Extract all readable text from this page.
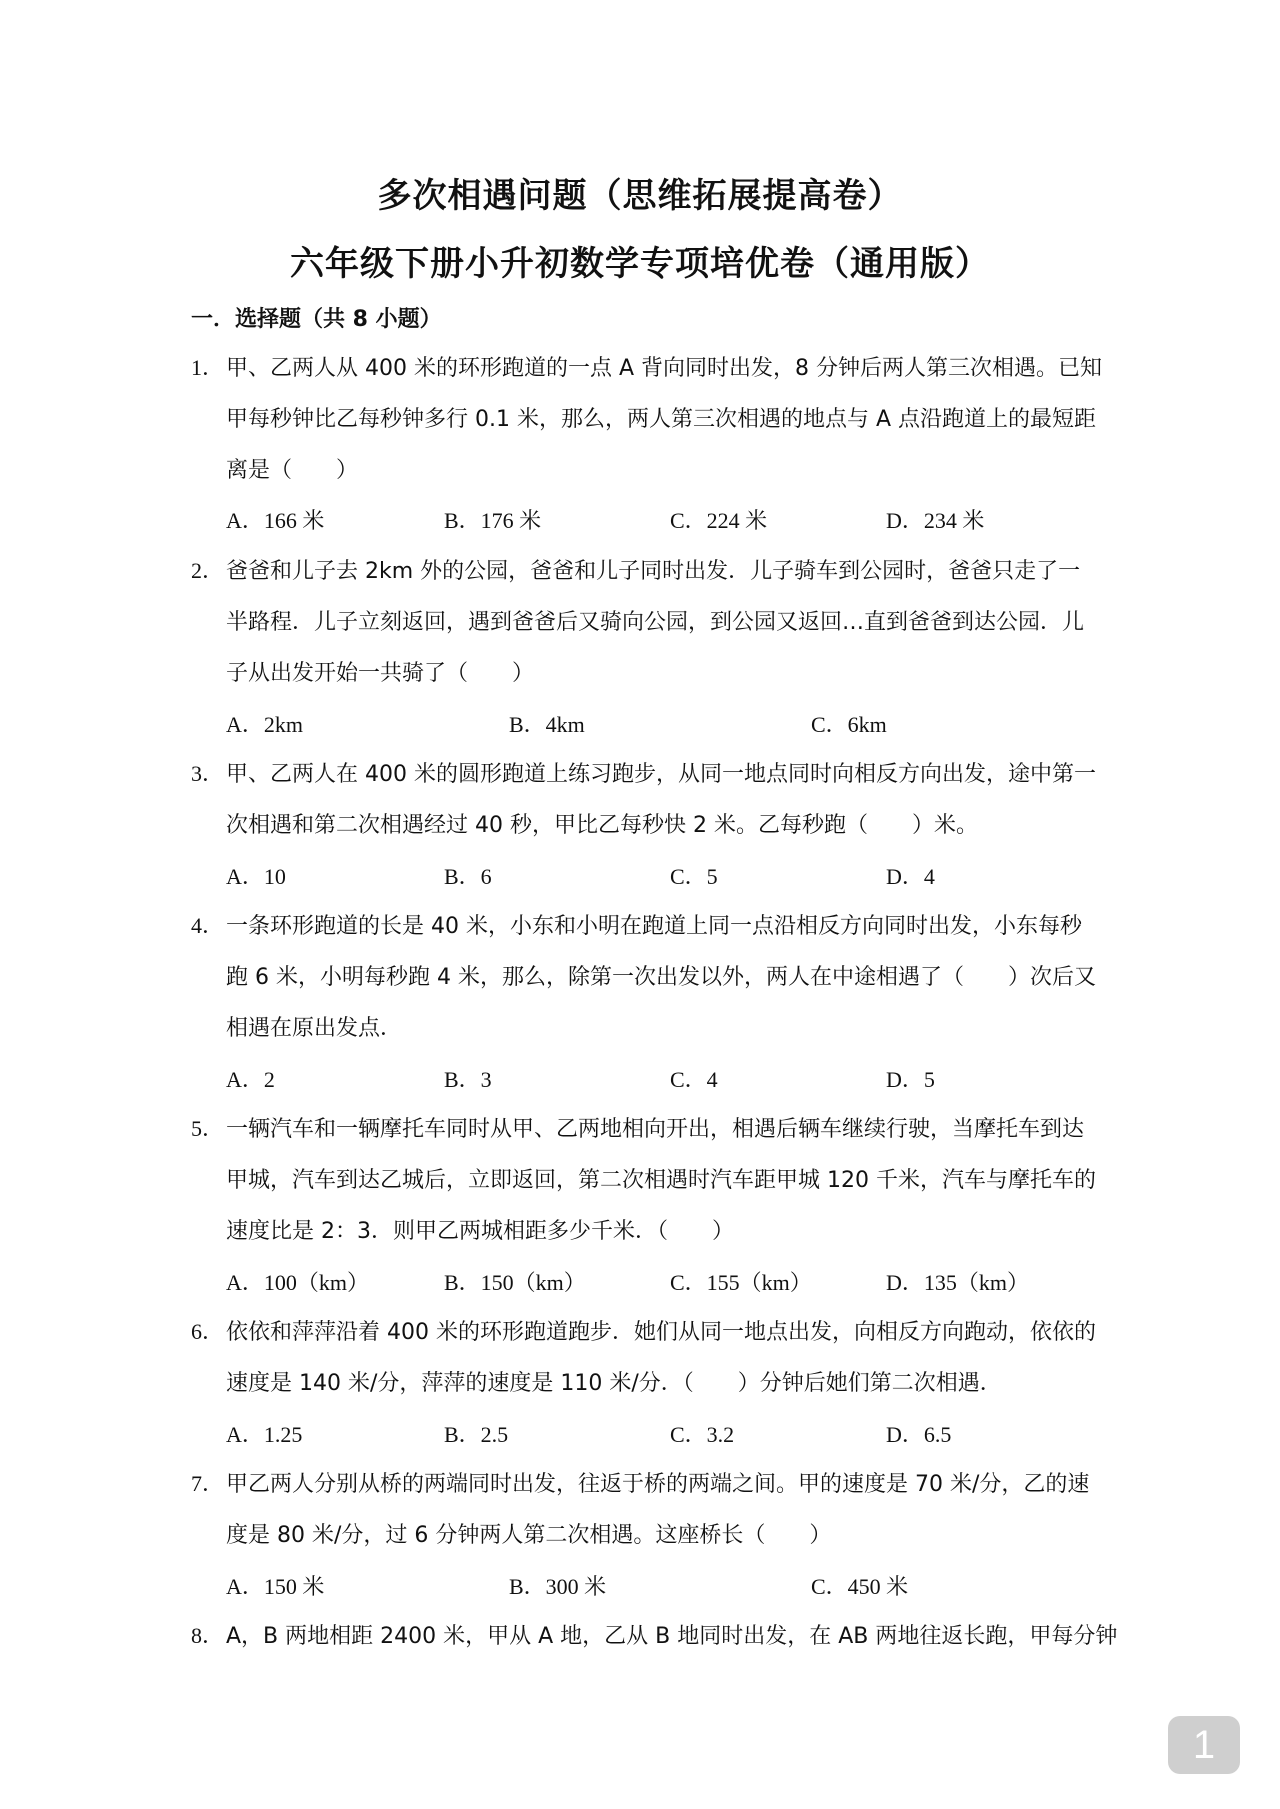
多次相遇问题（思维拓展提高卷）
六年级下册小升初数学专项培优卷（通用版）
一．选择题（共 8 小题）
1．甲、乙两人从 400 米的环形跑道的一点 A 背向同时出发，8 分钟后两人第三次相遇。已知
甲每秒钟比乙每秒钟多行 0.1 米，那么，两人第三次相遇的地点与 A 点沿跑道上的最短距
离是（　　）
A．166 米	B．176 米	C．224 米	D．234 米
2．爸爸和儿子去 2km 外的公园，爸爸和儿子同时出发．儿子骑车到公园时，爸爸只走了一
半路程．儿子立刻返回，遇到爸爸后又骑向公园，到公园又返回…直到爸爸到达公园．儿
子从出发开始一共骑了（　　）
A．2km	B．4km	C．6km
3．甲、乙两人在 400 米的圆形跑道上练习跑步，从同一地点同时向相反方向出发，途中第一
次相遇和第二次相遇经过 40 秒，甲比乙每秒快 2 米。乙每秒跑（　　）米。
A．10	B．6	C．5	D．4
4．一条环形跑道的长是 40 米，小东和小明在跑道上同一点沿相反方向同时出发，小东每秒
跑 6 米，小明每秒跑 4 米，那么，除第一次出发以外，两人在中途相遇了（　　）次后又
相遇在原出发点．
A．2	B．3	C．4	D．5
5．一辆汽车和一辆摩托车同时从甲、乙两地相向开出，相遇后辆车继续行驶，当摩托车到达
甲城，汽车到达乙城后，立即返回，第二次相遇时汽车距甲城 120 千米，汽车与摩托车的
速度比是 2：3．则甲乙两城相距多少千米．（　　）
A．100（km）	B．150（km）	C．155（km）	D．135（km）
6．依依和萍萍沿着 400 米的环形跑道跑步．她们从同一地点出发，向相反方向跑动，依依的
速度是 140 米/分，萍萍的速度是 110 米/分．（　　）分钟后她们第二次相遇．
A．1.25	B．2.5	C．3.2	D．6.5
7．甲乙两人分别从桥的两端同时出发，往返于桥的两端之间。甲的速度是 70 米/分，乙的速
度是 80 米/分，过 6 分钟两人第二次相遇。这座桥长（　　）
A．150 米	B．300 米	C．450 米
8．A，B 两地相距 2400 米，甲从 A 地，乙从 B 地同时出发，在 AB 两地往返长跑，甲每分钟
1
